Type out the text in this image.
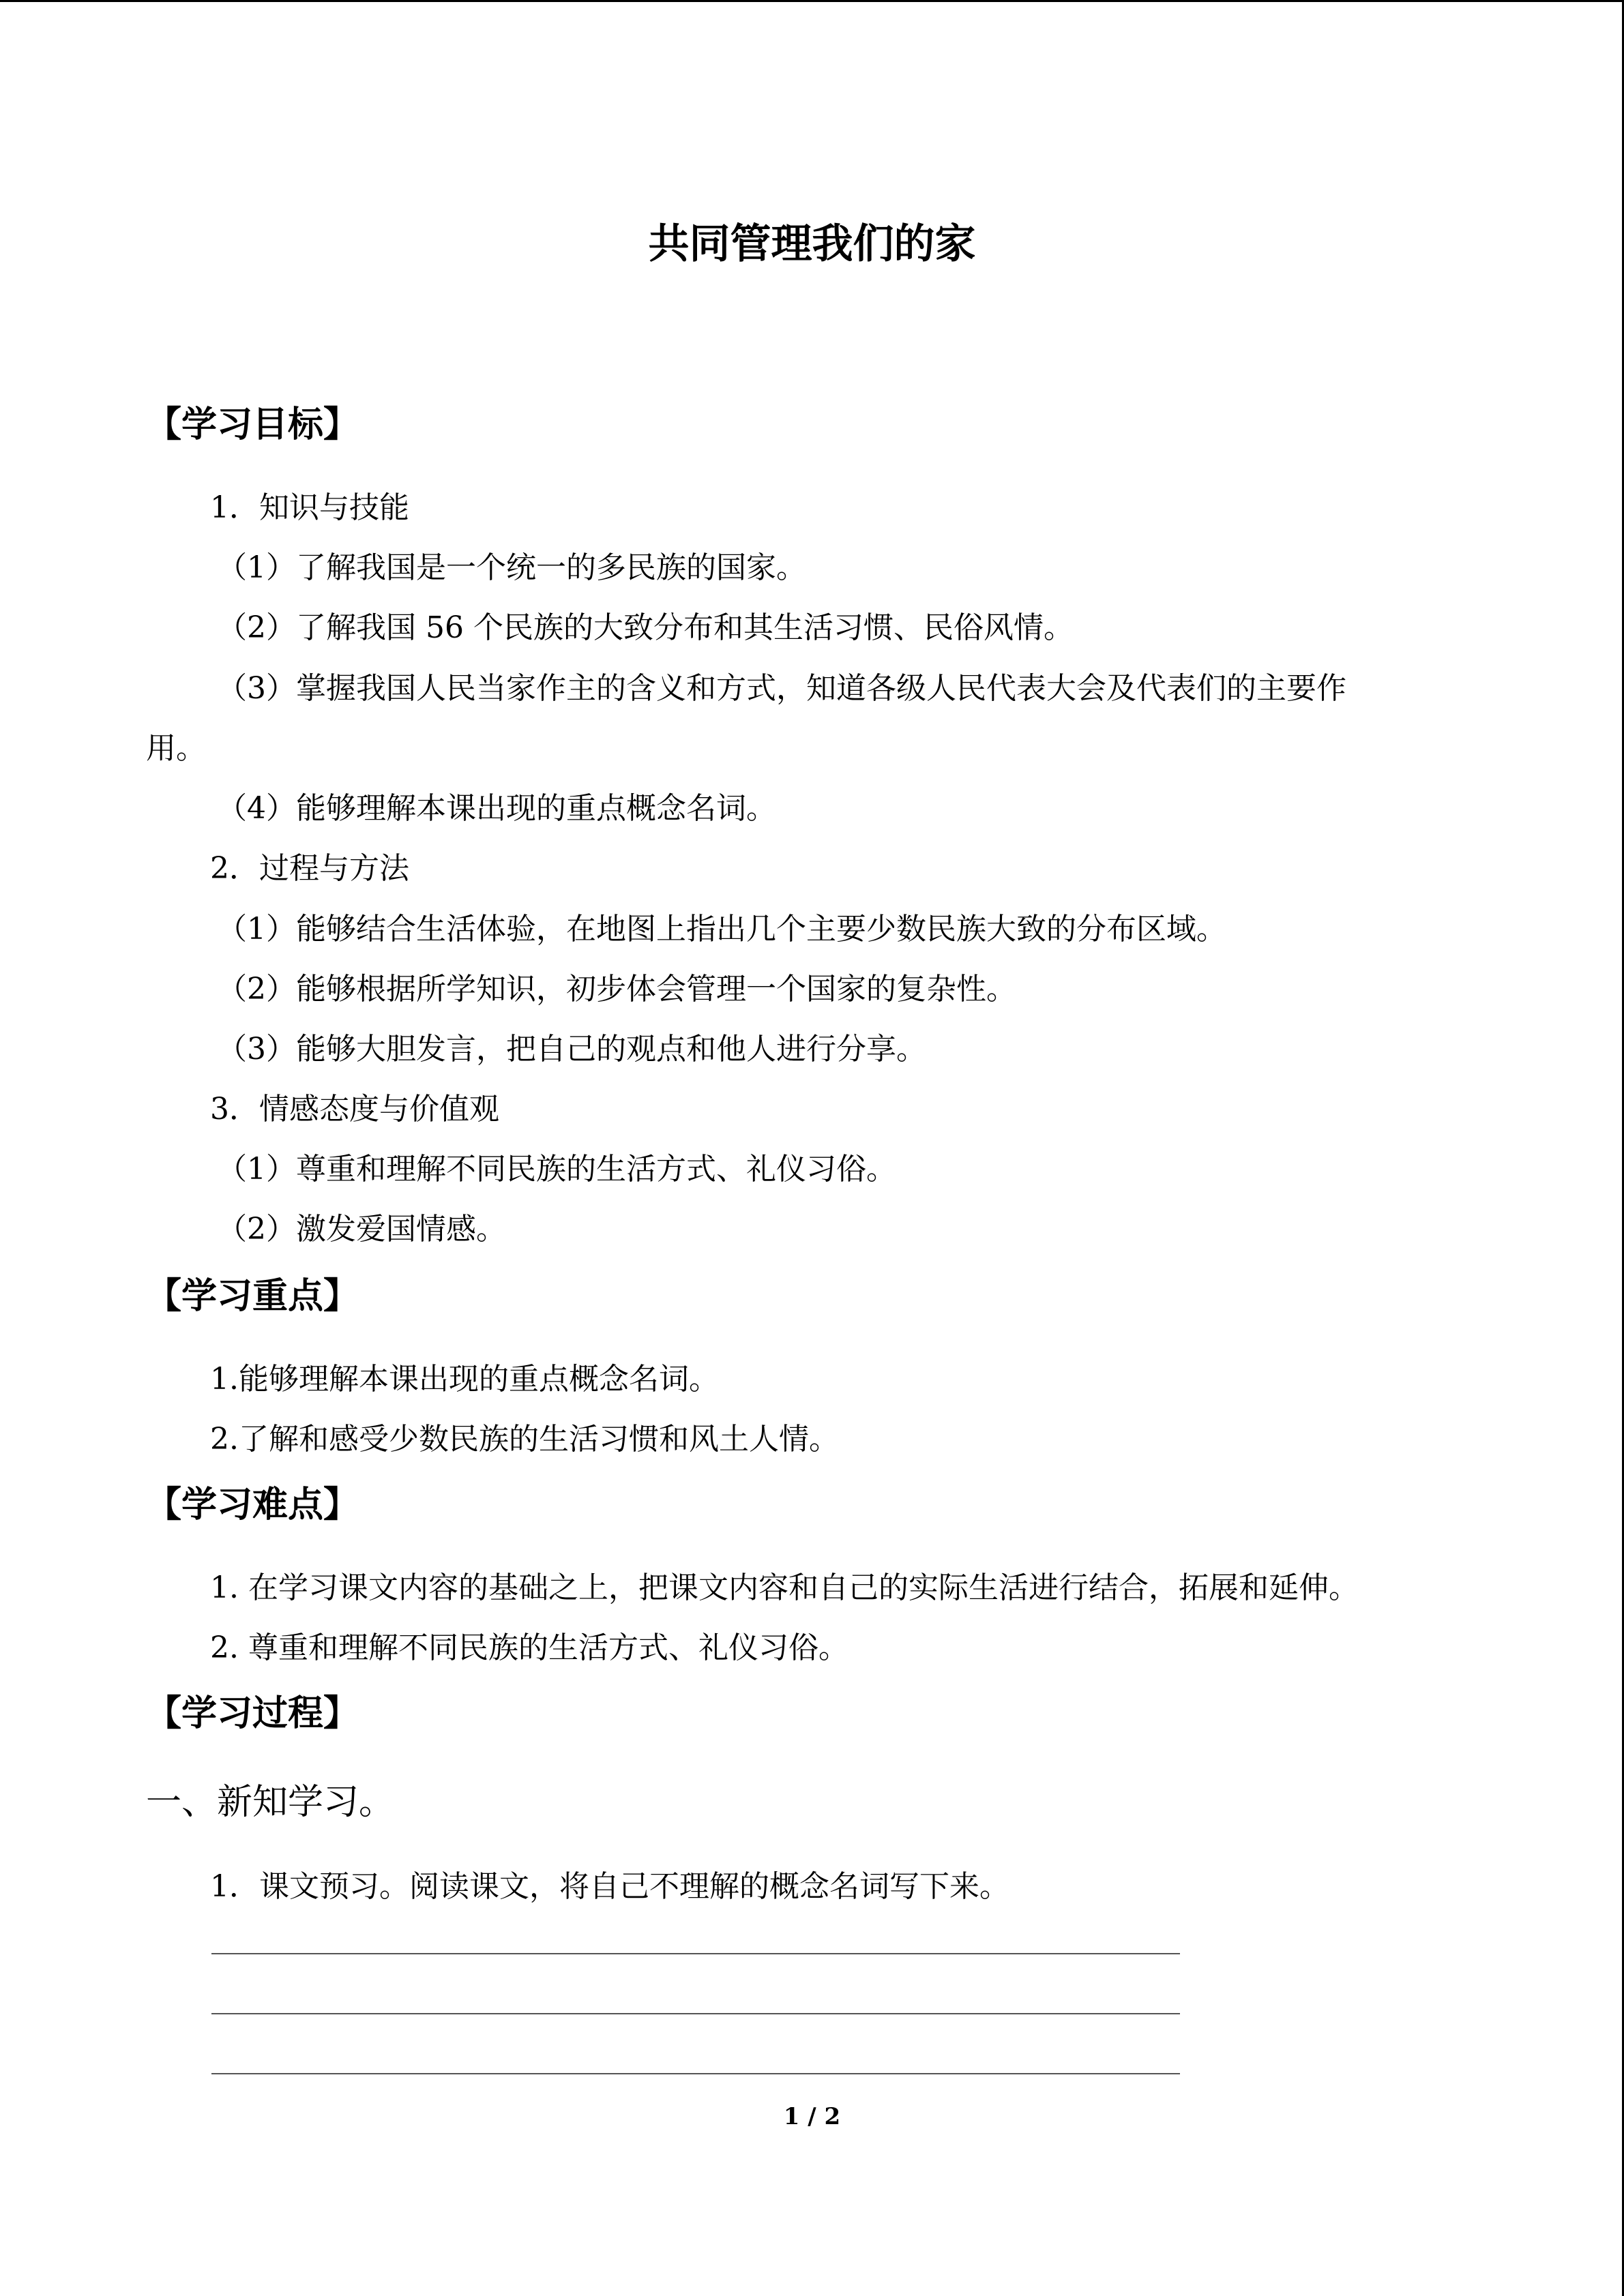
共同管理我们的家
【学习目标】
1．知识与技能
（1）了解我国是一个统一的多民族的国家。
（2）了解我国 56 个民族的大致分布和其生活习惯、民俗风情。
（3）掌握我国人民当家作主的含义和方式，知道各级人民代表大会及代表们的主要作
用。
（4）能够理解本课出现的重点概念名词。
2．过程与方法
（1）能够结合生活体验，在地图上指出几个主要少数民族大致的分布区域。
（2）能够根据所学知识，初步体会管理一个国家的复杂性。
（3）能够大胆发言，把自己的观点和他人进行分享。
3．情感态度与价值观
（1）尊重和理解不同民族的生活方式、礼仪习俗。
（2）激发爱国情感。
【学习重点】
1.能够理解本课出现的重点概念名词。
2.了解和感受少数民族的生活习惯和风土人情。
【学习难点】
1. 在学习课文内容的基础之上，把课文内容和自己的实际生活进行结合，拓展和延伸。
2. 尊重和理解不同民族的生活方式、礼仪习俗。
【学习过程】
一、新知学习。
1．课文预习。阅读课文，将自己不理解的概念名词写下来。
1 / 2
